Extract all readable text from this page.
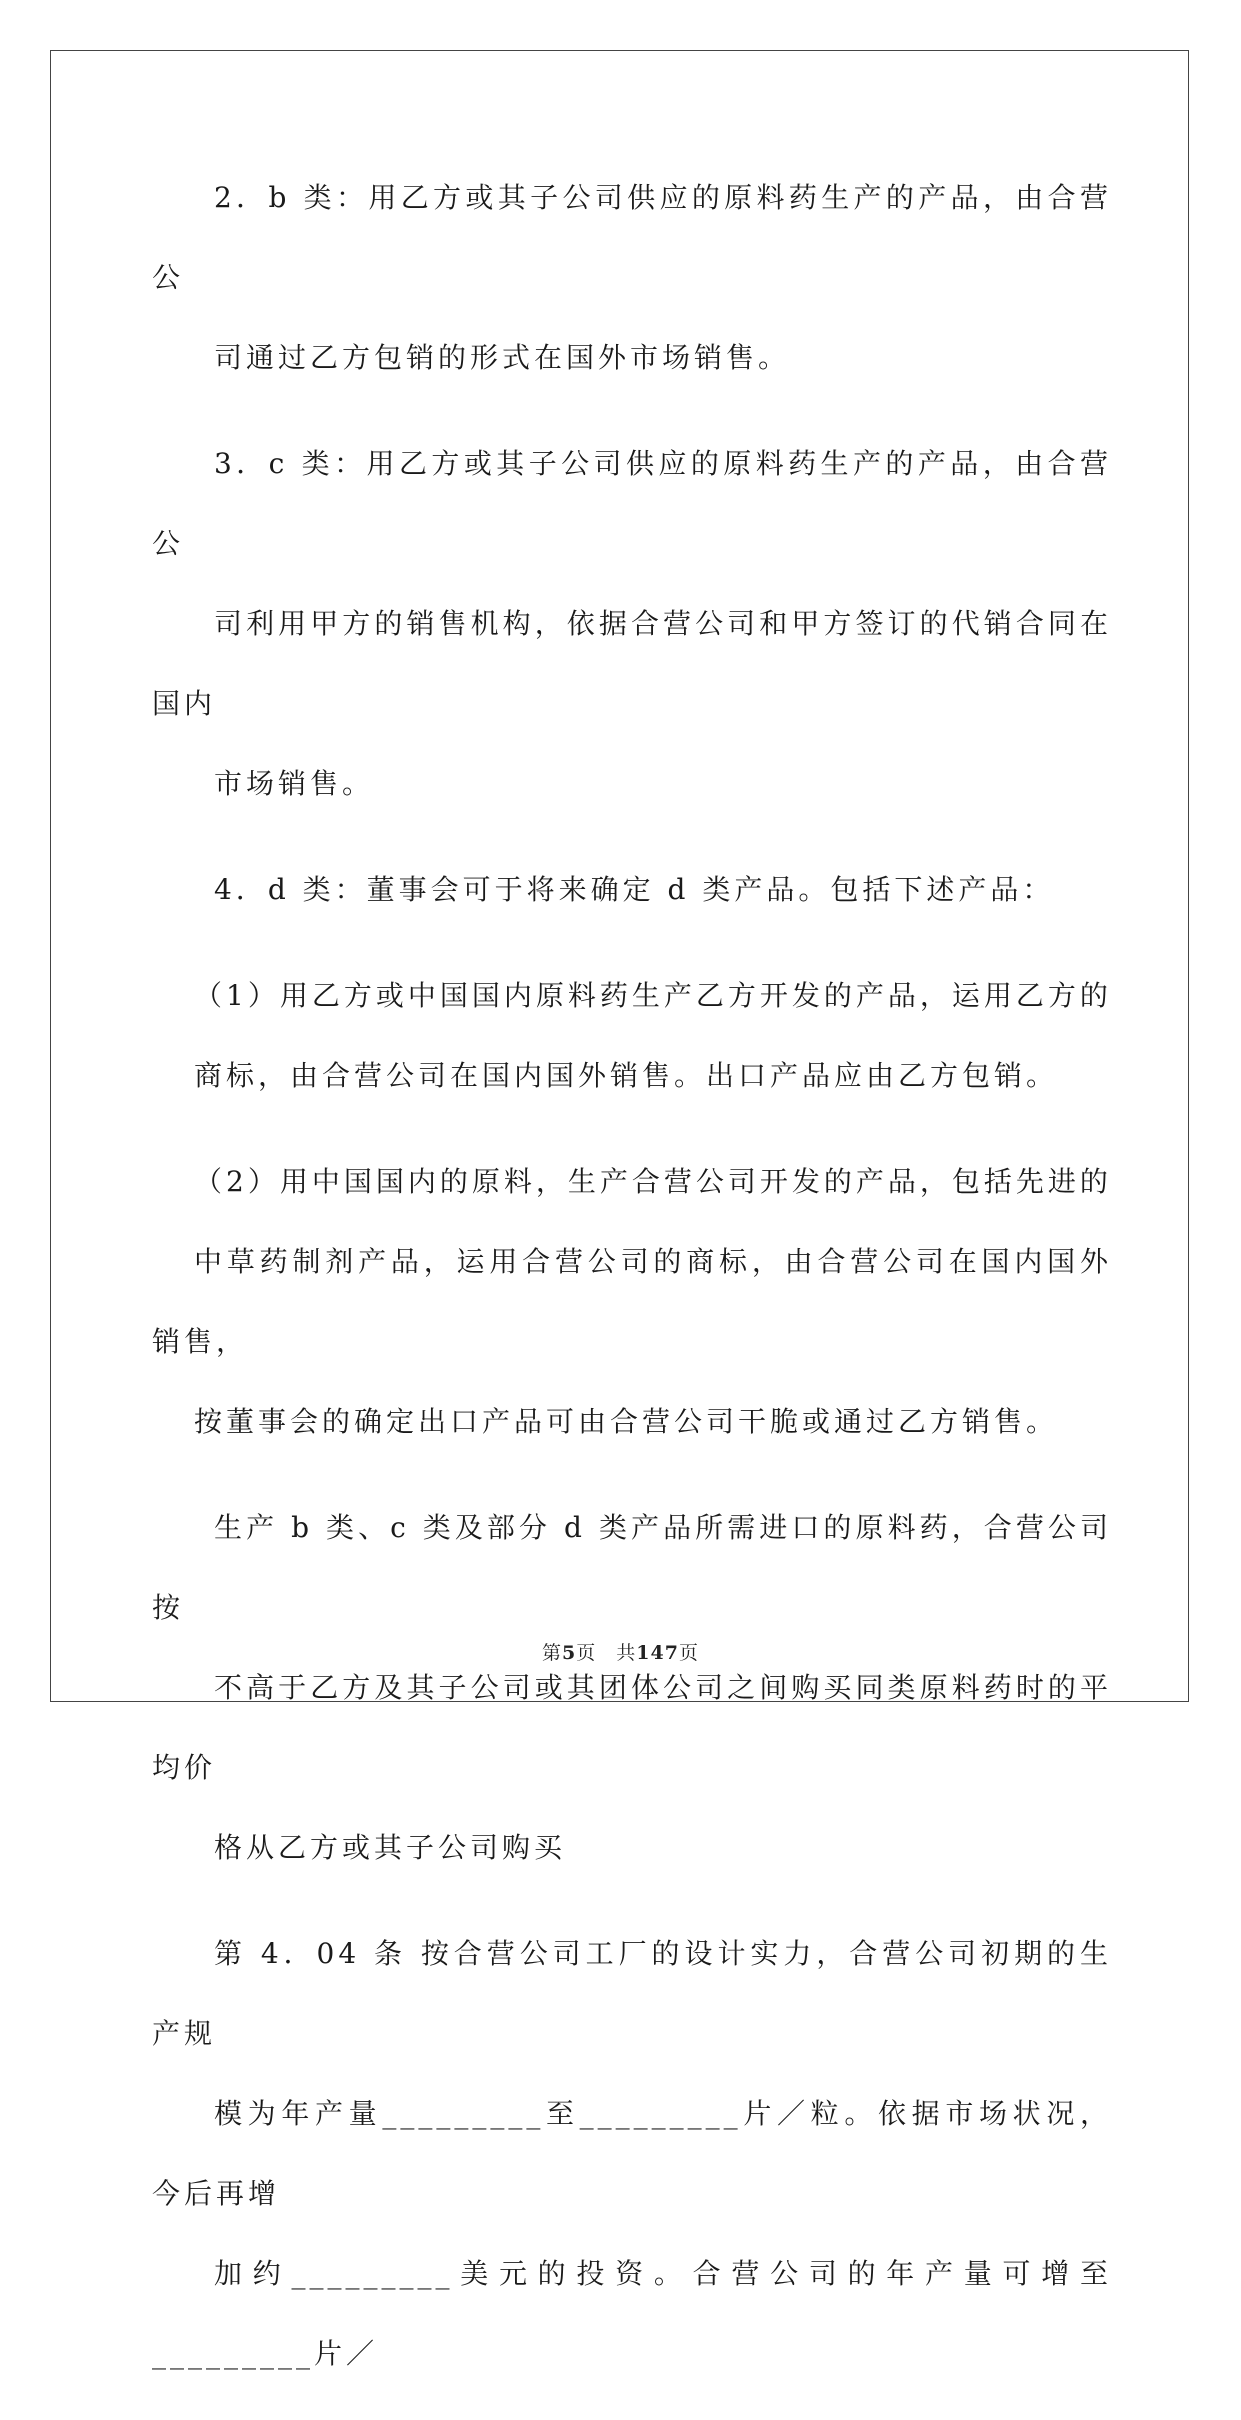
2．b 类：用乙方或其子公司供应的原料药生产的产品，由合营公
司通过乙方包销的形式在国外市场销售。

3．c 类：用乙方或其子公司供应的原料药生产的产品，由合营公
司利用甲方的销售机构，依据合营公司和甲方签订的代销合同在国内
市场销售。

4．d 类：董事会可于将来确定 d 类产品。包括下述产品：

（1）用乙方或中国国内原料药生产乙方开发的产品，运用乙方的
商标，由合营公司在国内国外销售。出口产品应由乙方包销。

（2）用中国国内的原料，生产合营公司开发的产品，包括先进的
中草药制剂产品，运用合营公司的商标，由合营公司在国内国外销售，
按董事会的确定出口产品可由合营公司干脆或通过乙方销售。

生产 b 类、c 类及部分 d 类产品所需进口的原料药，合营公司按
不高于乙方及其子公司或其团体公司之间购买同类原料药时的平均价
格从乙方或其子公司购买

第 4．04 条 按合营公司工厂的设计实力，合营公司初期的生产规
模为年产量_________至_________片／粒。依据市场状况，今后再增
加约_________美元的投资。合营公司的年产量可增至_________片／

第5页 共147页
